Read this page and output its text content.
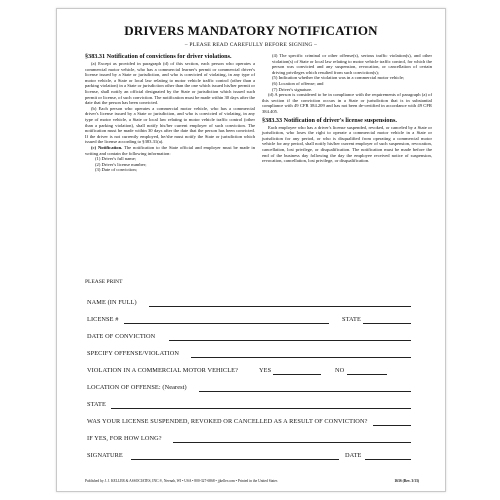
DRIVERS MANDATORY NOTIFICATION
– PLEASE READ CAREFULLY BEFORE SIGNING –
§383.31 Notification of convictions for driver violations.

(a) Except as provided in paragraph (d) of this section, each person who operates a commercial motor vehicle, who has a commercial learner's permit or commercial driver's license issued by a State or jurisdiction, and who is convicted of violating, in any type of motor vehicle, a State or local law relating to motor vehicle traffic control (other than a parking violation) in a State or jurisdiction other than the one which issued his/her permit or license, shall notify an official designated by the State or jurisdiction which issued such permit or license, of such conviction. The notification must be made within 30 days after the date that the person has been convicted.

(b) Each person who operates a commercial motor vehicle, who has a commercial driver's license issued by a State or jurisdiction, and who is convicted of violating, in any type of motor vehicle, a State or local law relating to motor vehicle traffic control (other than a parking violation), shall notify his/her current employer of such conviction. The notification must be made within 30 days after the date that the person has been convicted. If the driver is not currently employed, he/she must notify the State or jurisdiction which issued the license according to §383.31(a).

(c) Notification. The notification to the State official and employer must be made in writing and contain the following information:

(1) Driver's full name;

(2) Driver's license number;

(3) Date of conviction;

(4) The specific criminal or other offense(s), serious traffic violation(s), and other violation(s) of State or local law relating to motor vehicle traffic control, for which the person was convicted and any suspension, revocation, or cancellation of certain driving privileges which resulted from such conviction(s);

(5) Indication whether the violation was in a commercial motor vehicle;

(6) Location of offense; and

(7) Driver's signature.

(d) A person is considered to be in compliance with the requirements of paragraph (a) of this section if the conviction occurs in a State or jurisdiction that is in substantial compliance with 49 CFR 384.209 and has not been de-certified in accordance with 49 CFR 384.405.

§383.33 Notification of driver's license suspensions.

Each employee who has a driver's license suspended, revoked, or canceled by a State or jurisdiction, who loses the right to operate a commercial motor vehicle in a State or jurisdiction for any period, or who is disqualified from operating a commercial motor vehicle for any period, shall notify his/her current employer of such suspension, revocation, cancellation, lost privilege, or disqualification. The notification must be made before the end of the business day following the day the employee received notice of suspension, revocation, cancellation, lost privilege, or disqualification.

PLEASE PRINT
NAME (IN FULL)
LICENSE #	STATE
DATE OF CONVICTION
SPECIFY OFFENSE/VIOLATION
VIOLATION IN A COMMERCIAL MOTOR VEHICLE?	YES	NO
LOCATION OF OFFENSE: (Nearest)
STATE
WAS YOUR LICENSE SUSPENDED, REVOKED OR CANCELLED AS A RESULT OF CONVICTION?
IF YES, FOR HOW LONG?
SIGNATURE	DATE
Published by J. J. KELLER & ASSOCIATES, INC.®, Neenah, WI • USA • 800-327-6868 • jjkeller.com • Printed in the United States	163S (Rev. 3/13)
